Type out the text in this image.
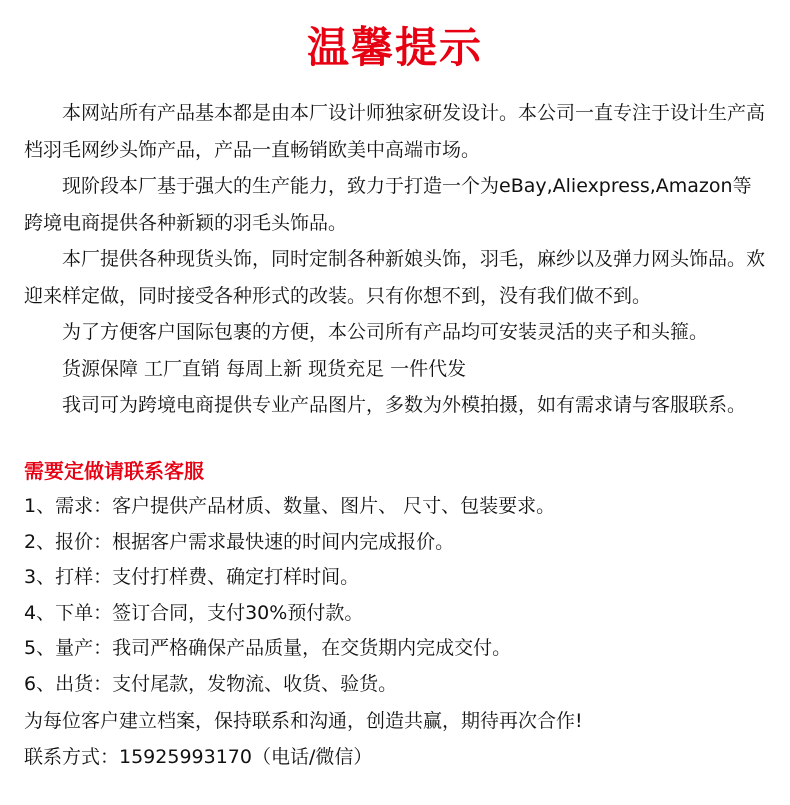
温馨提示

本网站所有产品基本都是由本厂设计师独家研发设计。本公司一直专注于设计生产高档羽毛网纱头饰产品，产品一直畅销欧美中高端市场。

现阶段本厂基于强大的生产能力，致力于打造一个为eBay,Aliexpress,Amazon等跨境电商提供各种新颖的羽毛头饰品。

本厂提供各种现货头饰，同时定制各种新娘头饰，羽毛，麻纱以及弹力网头饰品。欢迎来样定做，同时接受各种形式的改装。只有你想不到，没有我们做不到。

为了方便客户国际包裹的方便，本公司所有产品均可安装灵活的夹子和头箍。

货源保障 工厂直销 每周上新 现货充足 一件代发

我司可为跨境电商提供专业产品图片，多数为外模拍摄，如有需求请与客服联系。

需要定做请联系客服
1、需求：客户提供产品材质、数量、图片、 尺寸、包装要求。
2、报价：根据客户需求最快速的时间内完成报价。
3、打样：支付打样费、确定打样时间。
4、下单：签订合同，支付30%预付款。
5、量产：我司严格确保产品质量，在交货期内完成交付。
6、出货：支付尾款，发物流、收货、验货。
为每位客户建立档案，保持联系和沟通，创造共赢，期待再次合作!
联系方式：15925993170（电话/微信）
